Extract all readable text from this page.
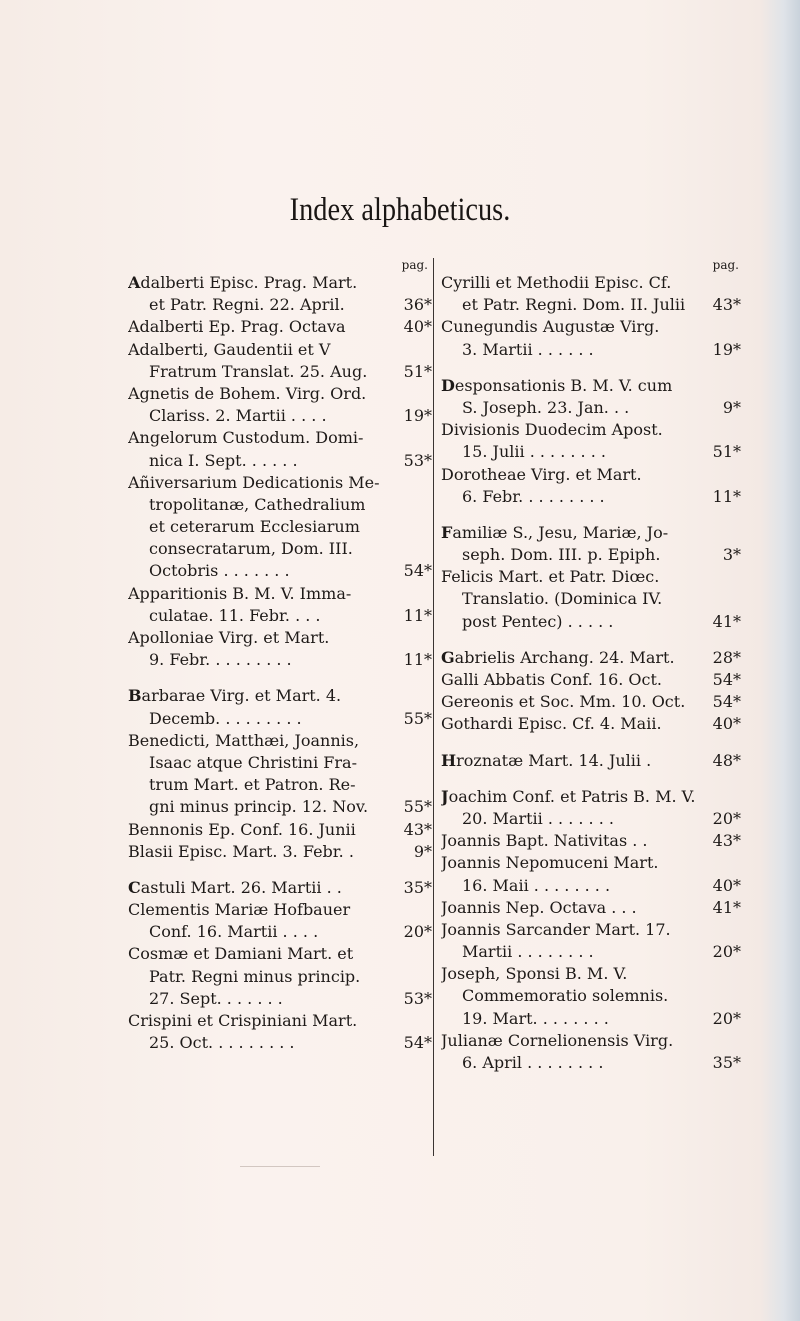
Index alphabeticus.
pag.
Adalberti Episc. Prag. Mart.
et Patr. Regni. 22. April.	36*
Adalberti Ep. Prag. Octava	40*
Adalberti, Gaudentii et V
Fratrum Translat. 25. Aug.	51*
Agnetis de Bohem. Virg. Ord.
Clariss. 2. Martii . . . .	19*
Angelorum Custodum. Domi-
nica I. Sept. . . . . .	53*
Añiversarium Dedicationis Me-
tropolitanæ, Cathedralium
et ceterarum Ecclesiarum
consecratarum, Dom. III.
Octobris . . . . . . .	54*
Apparitionis B. M. V. Imma-
culatae. 11. Febr. . . .	11*
Apolloniae Virg. et Mart.
9. Febr. . . . . . . . .	11*
Barbarae Virg. et Mart. 4.
Decemb. . . . . . . . .	55*
Benedicti, Matthæi, Joannis,
Isaac atque Christini Fra-
trum Mart. et Patron. Re-
gni minus princip. 12. Nov.	55*
Bennonis Ep. Conf. 16. Junii	43*
Blasii Episc. Mart. 3. Febr. .	9*
Castuli Mart. 26. Martii . .	35*
Clementis Mariæ Hofbauer
Conf. 16. Martii . . . .	20*
Cosmæ et Damiani Mart. et
Patr. Regni minus princip.
27. Sept. . . . . . .	53*
Crispini et Crispiniani Mart.
25. Oct. . . . . . . . .	54*
pag.
Cyrilli et Methodii Episc. Cf.
et Patr. Regni. Dom. II. Julii	43*
Cunegundis Augustæ Virg.
3. Martii . . . . . .	19*
Desponsationis B. M. V. cum
S. Joseph. 23. Jan. . .	9*
Divisionis Duodecim Apost.
15. Julii . . . . . . . .	51*
Dorotheae Virg. et Mart.
6. Febr. . . . . . . . .	11*
Familiæ S., Jesu, Mariæ, Jo-
seph. Dom. III. p. Epiph.	3*
Felicis Mart. et Patr. Diœc.
Translatio. (Dominica IV.
post Pentec) . . . . .	41*
Gabrielis Archang. 24. Mart.	28*
Galli Abbatis Conf. 16. Oct.	54*
Gereonis et Soc. Mm. 10. Oct.	54*
Gothardi Episc. Cf. 4. Maii.	40*
Hroznatæ Mart. 14. Julii .	48*
Joachim Conf. et Patris B. M. V.
20. Martii . . . . . . .	20*
Joannis Bapt. Nativitas . .	43*
Joannis Nepomuceni Mart.
16. Maii . . . . . . . .	40*
Joannis Nep. Octava . . .	41*
Joannis Sarcander Mart. 17.
Martii . . . . . . . .	20*
Joseph, Sponsi B. M. V.
Commemoratio solemnis.
19. Mart. . . . . . . .	20*
Julianæ Cornelionensis Virg.
6. April . . . . . . . .	35*
